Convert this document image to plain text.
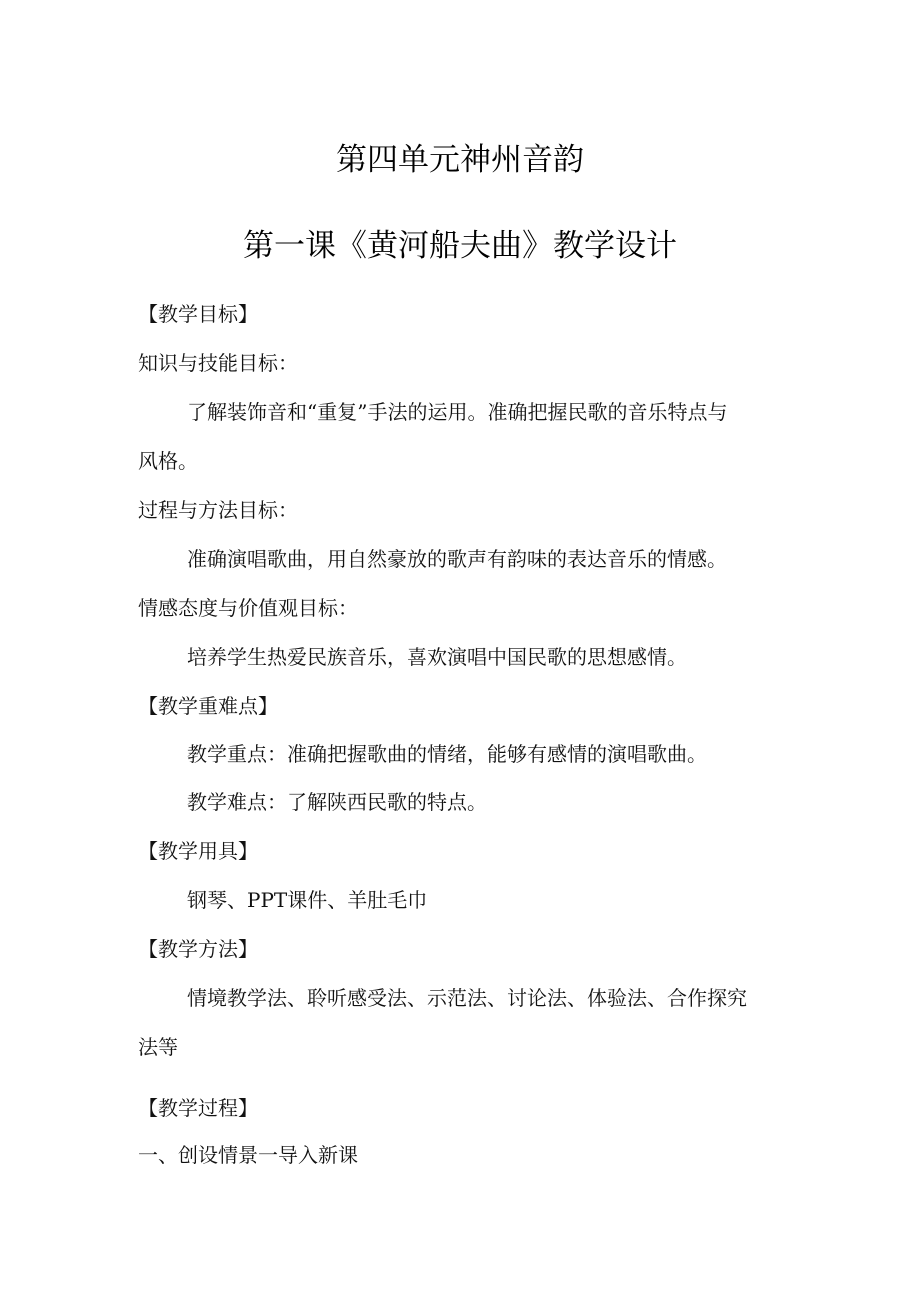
第四单元神州音韵
第一课《黄河船夫曲》教学设计
【教学目标】
知识与技能目标：
了解装饰音和“重复”手法的运用。准确把握民歌的音乐特点与
风格。
过程与方法目标：
准确演唱歌曲，用自然豪放的歌声有韵味的表达音乐的情感。
情感态度与价值观目标：
培养学生热爱民族音乐，喜欢演唱中国民歌的思想感情。
【教学重难点】
教学重点：准确把握歌曲的情绪，能够有感情的演唱歌曲。
教学难点：了解陕西民歌的特点。
【教学用具】
钢琴、PPT课件、羊肚毛巾
【教学方法】
情境教学法、聆听感受法、示范法、讨论法、体验法、合作探究
法等
【教学过程】
一、创设情景一导入新课
